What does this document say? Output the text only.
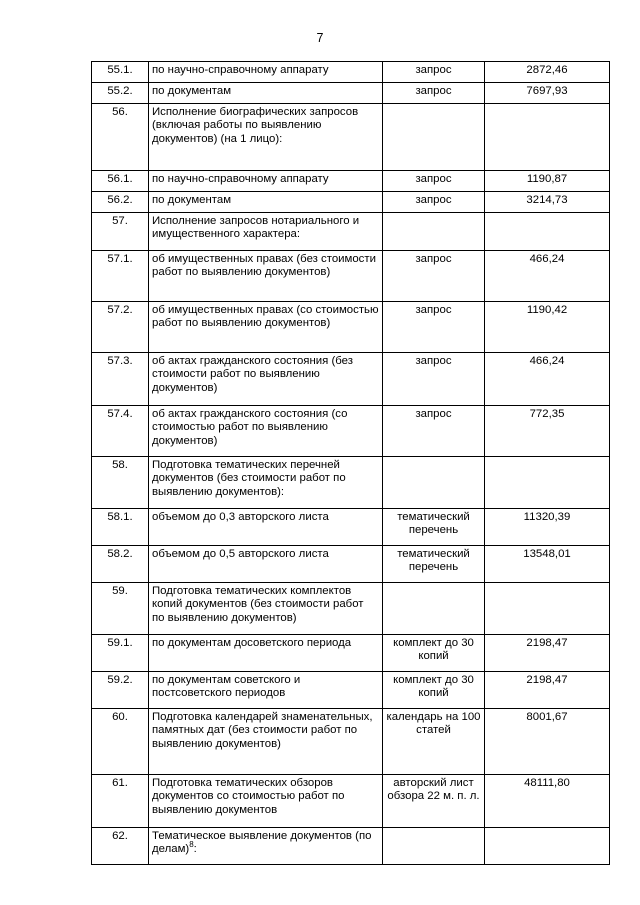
7
55.1.	по научно-справочному аппарату	запрос	2872,46
55.2.	по документам	запрос	7697,93
56.	Исполнение биографических запросов (включая работы по выявлению документов) (на 1 лицо):		
56.1.	по научно-справочному аппарату	запрос	1190,87
56.2.	по документам	запрос	3214,73
57.	Исполнение запросов нотариального и имущественного характера:		
57.1.	об имущественных правах (без стоимости работ по выявлению документов)	запрос	466,24
57.2.	об имущественных правах (со стоимостью работ по выявлению документов)	запрос	1190,42
57.3.	об актах гражданского состояния (без стоимости работ по выявлению документов)	запрос	466,24
57.4.	об актах гражданского состояния (со стоимостью работ по выявлению документов)	запрос	772,35
58.	Подготовка тематических перечней документов (без стоимости работ по выявлению документов):		
58.1.	объемом до 0,3 авторского листа	тематический перечень	11320,39
58.2.	объемом до 0,5 авторского листа	тематический перечень	13548,01
59.	Подготовка тематических комплектов копий документов (без стоимости работ по выявлению документов)		
59.1.	по документам досоветского периода	комплект до 30 копий	2198,47
59.2.	по документам советского и постсоветского периодов	комплект до 30 копий	2198,47
60.	Подготовка календарей знаменательных, памятных дат (без стоимости работ по выявлению документов)	календарь на 100 статей	8001,67
61.	Подготовка тематических обзоров документов со стоимостью работ по выявлению документов	авторский лист обзора 22 м. п. л.	48111,80
62.	Тематическое выявление документов (по делам)$^8$:		
